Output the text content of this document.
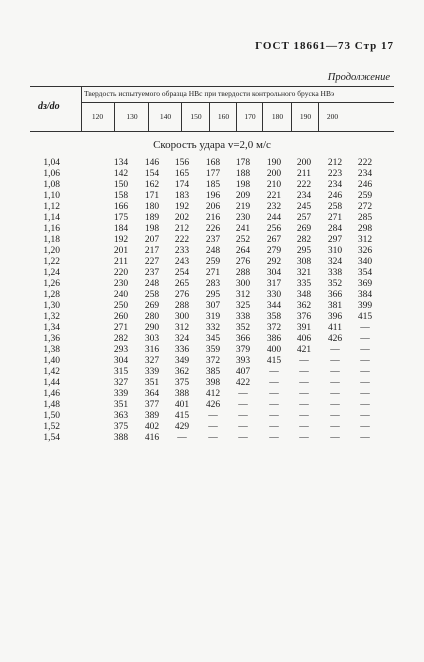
ГОСТ 18661—73 Стр 17
Продолжение
dз/dо
Твердость испытуемого образца HBс при твердости контрольного бруска HBэ
120	130	140	150	160	170	180	190	200
Скорость удара v=2,0 м/с
1,04	134	146	156	168	178	190	200	212	222
1,06	142	154	165	177	188	200	211	223	234
1,08	150	162	174	185	198	210	222	234	246
1,10	158	171	183	196	209	221	234	246	259
1,12	166	180	192	206	219	232	245	258	272
1,14	175	189	202	216	230	244	257	271	285
1,16	184	198	212	226	241	256	269	284	298
1,18	192	207	222	237	252	267	282	297	312
1,20	201	217	233	248	264	279	295	310	326
1,22	211	227	243	259	276	292	308	324	340
1,24	220	237	254	271	288	304	321	338	354
1,26	230	248	265	283	300	317	335	352	369
1,28	240	258	276	295	312	330	348	366	384
1,30	250	269	288	307	325	344	362	381	399
1,32	260	280	300	319	338	358	376	396	415
1,34	271	290	312	332	352	372	391	411	—
1,36	282	303	324	345	366	386	406	426	—
1,38	293	316	336	359	379	400	421	—	—
1,40	304	327	349	372	393	415	—	—	—
1,42	315	339	362	385	407	—	—	—	—
1,44	327	351	375	398	422	—	—	—	—
1,46	339	364	388	412	—	—	—	—	—
1,48	351	377	401	426	—	—	—	—	—
1,50	363	389	415	—	—	—	—	—	—
1,52	375	402	429	—	—	—	—	—	—
1,54	388	416	—	—	—	—	—	—	—
